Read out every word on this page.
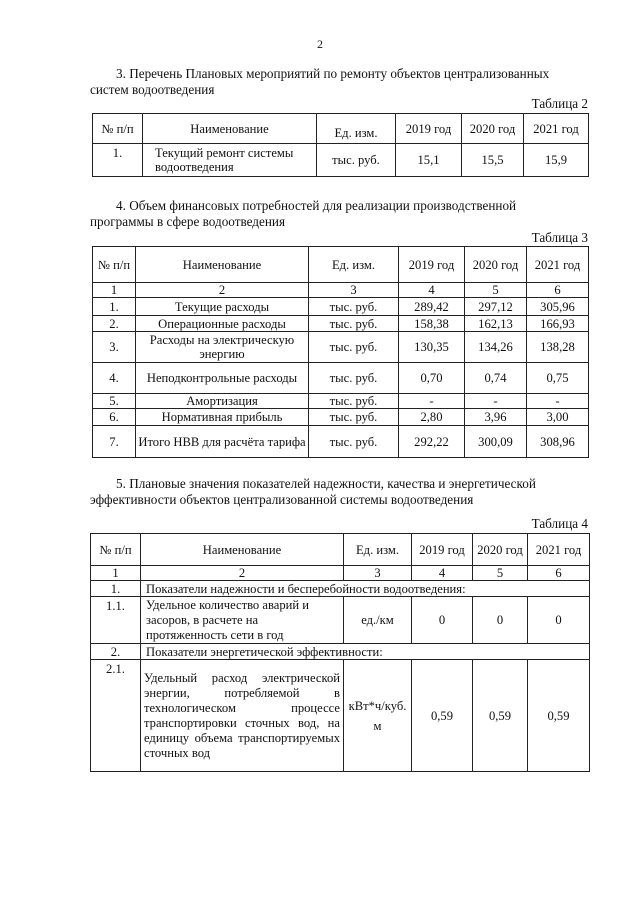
2
3. Перечень Плановых мероприятий по ремонту объектов централизованных
систем водоотведения
Таблица 2
№ п/п	Наименование	Ед. изм.	2019 год	2020 год	2021 год
1.	Текущий ремонт системы водоотведения	тыс. руб.	15,1	15,5	15,9
4. Объем финансовых потребностей для реализации производственной
программы в сфере водоотведения
Таблица 3
№ п/п	Наименование	Ед. изм.	2019 год	2020 год	2021 год
1	2	3	4	5	6
1.	Текущие расходы	тыс. руб.	289,42	297,12	305,96
2.	Операционные расходы	тыс. руб.	158,38	162,13	166,93
3.	Расходы на электрическую энергию	тыс. руб.	130,35	134,26	138,28
4.	Неподконтрольные расходы	тыс. руб.	0,70	0,74	0,75
5.	Амортизация	тыс. руб.	-	-	-
6.	Нормативная прибыль	тыс. руб.	2,80	3,96	3,00
7.	Итого НВВ для расчёта тарифа	тыс. руб.	292,22	300,09	308,96
5. Плановые значения показателей надежности, качества и энергетической
эффективности объектов централизованной системы водоотведения
Таблица 4
№ п/п	Наименование	Ед. изм.	2019 год	2020 год	2021 год
1	2	3	4	5	6
1.	Показатели надежности и бесперебойности водоотведения:				
1.1.	Удельное количество аварий и засоров, в расчете на протяженность сети в год	ед./км	0	0	0
2.	Показатели энергетической эффективности:				
2.1.	Удельный расход электрической энергии, потребляемой в технологическом процессе транспортировки сточных вод, на единицу объема транспортируемых сточных вод	кВт*ч/куб. м	0,59	0,59	0,59
